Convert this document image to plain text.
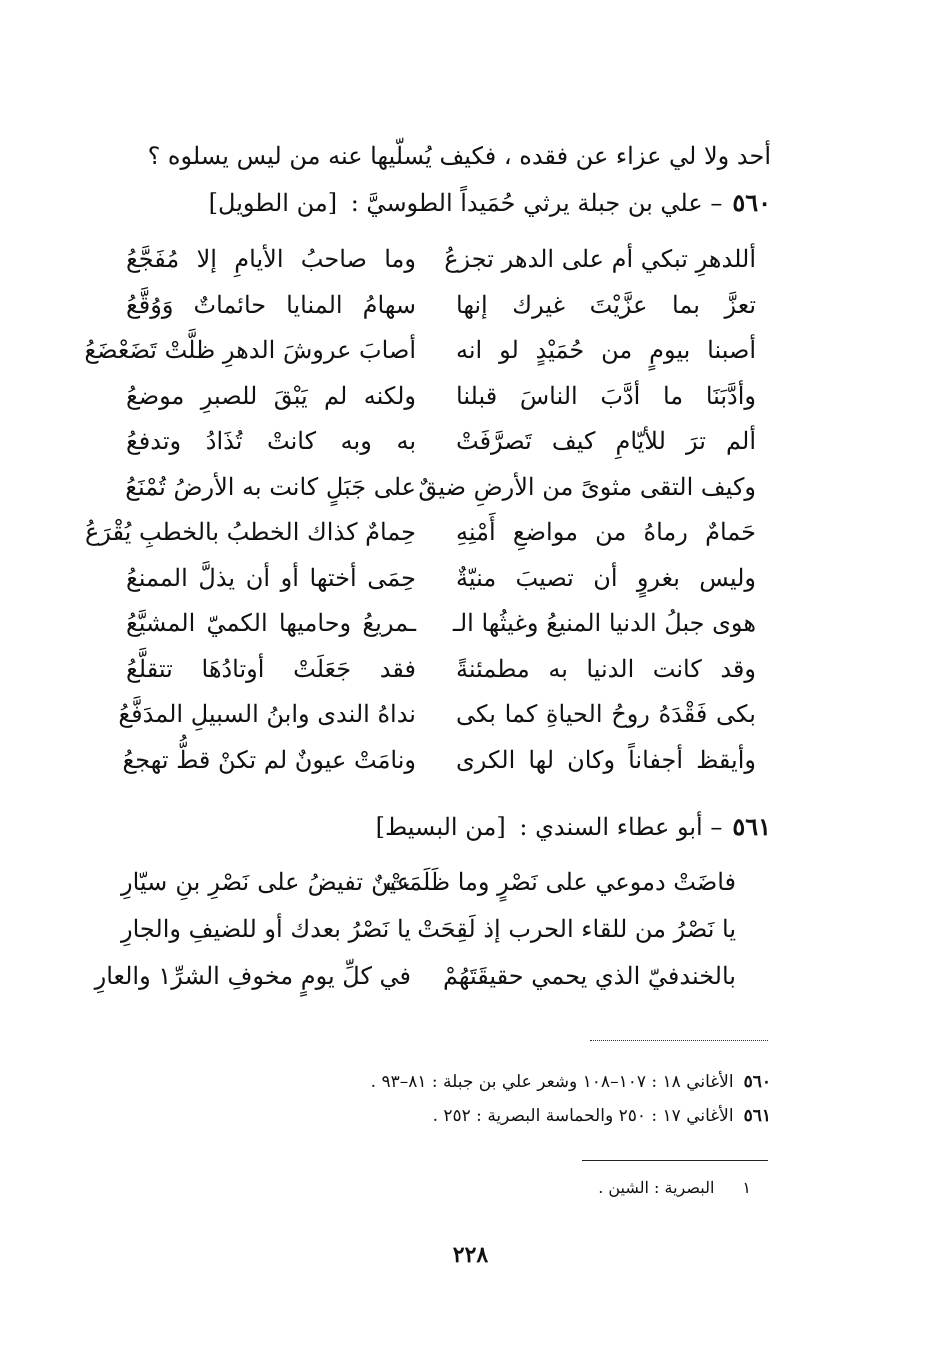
أحد ولا لي عزاء عن فقده ، فكيف يُسلّيها عنه من ليس يسلوه ؟
٥٦٠– علي بن جبلة يرثي حُمَيداً الطوسيَّ : [من الطويل]
أللدهرِ تبكي أم على الدهر تجزعُ
وما صاحبُ الأيامِ إلا مُفَجَّعُ
تعزَّ بما عزَّيْتَ غيرك إنها
سهامُ المنايا حائماتٌ وَوُقَّعُ
أصبنا بيومٍ من حُمَيْدٍ لو انه
أصابَ عروشَ الدهرِ ظلَّتْ تَضَعْضَعُ
وأدَّبَنَا ما أدَّبَ الناسَ قبلنا
ولكنه لم يَبْقَ للصبرِ موضعُ
ألم ترَ للأيّامِ كيف تَصرَّفَتْ
به وبه كانتْ تُذَادُ وتدفعُ
وكيف التقى مثوىً من الأرضِ ضيقٌ
على جَبَلٍ كانت به الأرضُ تُمْنَعُ
حَمامٌ رماهُ من مواضعِ أَمْنِهِ
حِمامٌ كذاك الخطبُ بالخطبِ يُقْرَعُ
وليس بغروٍ أن تصيبَ منيّةٌ
حِمَى أختها أو أن يذلَّ الممنعُ
هوى جبلُ الدنيا المنيعُ وغيثُها الـ
ـمريعُ وحاميها الكميّ المشيَّعُ
وقد كانت الدنيا به مطمئنةً
فقد جَعَلَتْ أوتادُهَا تتقلَّعُ
بكى فَقْدَهُ روحُ الحياةِ كما بكى
نداهُ الندى وابنُ السبيلِ المدَفَّعُ
وأيقظ أجفاناً وكان لها الكرى
ونامَتْ عيونٌ لم تكنْ قطُّ تهجعُ
٥٦١– أبو عطاء السندي : [من البسيط]
فاضَتْ دموعي على نَصْرٍ وما ظَلَمَتْ
عينٌ تفيضُ على نَصْرِ بنِ سيّارِ
يا نَصْرُ من للقاء الحرب إذ لَقِحَتْ
يا نَصْرُ بعدك أو للضيفِ والجارِ
بالخندفيّ الذي يحمي حقيقَتَهُمْ
في كلِّ يومٍ مخوفِ الشرِّ١ والعارِ
٥٦٠الأغاني ١٨ : ١٠٧–١٠٨ وشعر علي بن جبلة : ٨١–٩٣ .
٥٦١الأغاني ١٧ : ٢٥٠ والحماسة البصرية : ٢٥٢ .
١البصرية : الشين .
٢٢٨
